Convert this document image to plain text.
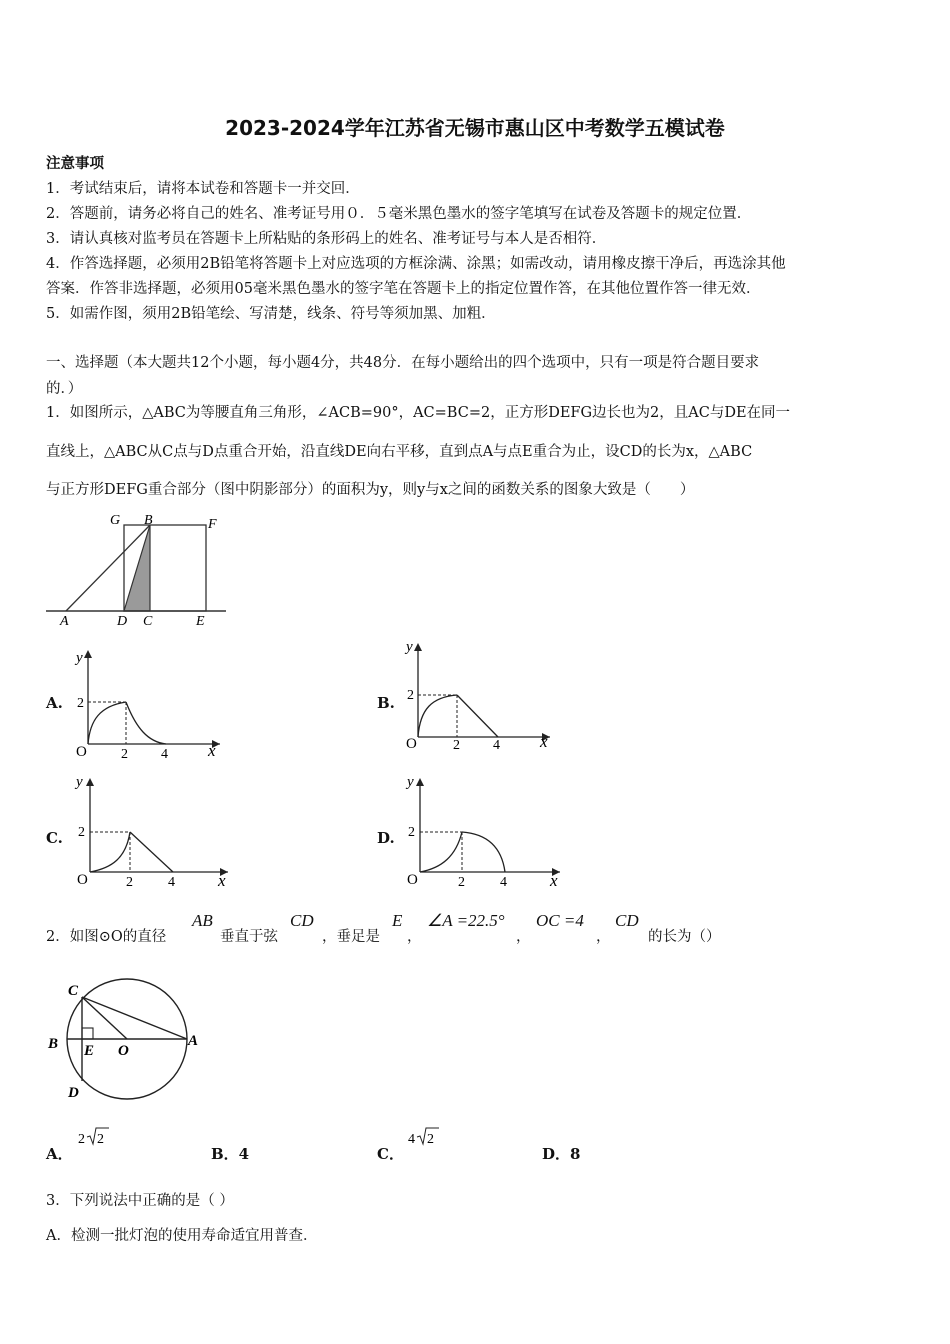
2023-2024学年江苏省无锡市惠山区中考数学五模试卷
注意事项
1．考试结束后，请将本试卷和答题卡一并交回．
2．答题前，请务必将自己的姓名、准考证号用０．５毫米黑色墨水的签字笔填写在试卷及答题卡的规定位置．
3．请认真核对监考员在答题卡上所粘贴的条形码上的姓名、准考证号与本人是否相符．
4．作答选择题，必须用2B铅笔将答题卡上对应选项的方框涂满、涂黑；如需改动，请用橡皮擦干净后，再选涂其他
答案．作答非选择题，必须用05毫米黑色墨水的签字笔在答题卡上的指定位置作答，在其他位置作答一律无效．
5．如需作图，须用2B铅笔绘、写清楚，线条、符号等须加黑、加粗．
一、选择题（本大题共12个小题，每小题4分，共48分．在每小题给出的四个选项中，只有一项是符合题目要求
的．）
1．如图所示，△ABC为等腰直角三角形，∠ACB=90°，AC=BC=2，正方形DEFG边长也为2，且AC与DE在同一
直线上，△ABC从C点与D点重合开始，沿直线DE向右平移，直到点A与点E重合为止，设CD的长为x，△ABC
与正方形DEFG重合部分（图中阴影部分）的面积为y，则y与x之间的函数关系的图象大致是（　　）
G B	F
A	D C	E
A.	B.
C.	D.
y
x
O
2
2 4
y
x
O
2
2 4
y
x
O
2
2	4
y
x
O
2
2	4
2．如图⊙O的直径
AB
垂直于弦
CD
，垂足是
E
，
∠A =22.5°
，
OC =4
，
CD
的长为（）
C
B E O
A
D
A．
2 2
B．4	C．
4 2
D．8
3．下列说法中正确的是（ ）
A．检测一批灯泡的使用寿命适宜用普查．
